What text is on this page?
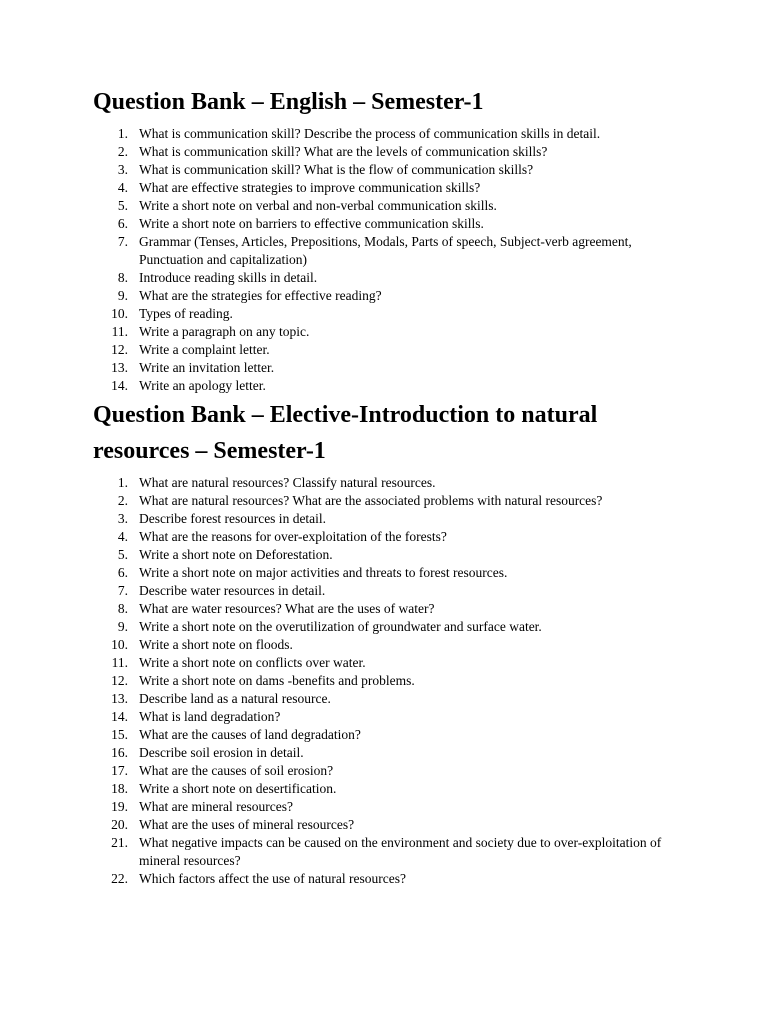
Question Bank – English – Semester-1
1. What is communication skill? Describe the process of communication skills in detail.
2. What is communication skill? What are the levels of communication skills?
3. What is communication skill? What is the flow of communication skills?
4. What are effective strategies to improve communication skills?
5. Write a short note on verbal and non-verbal communication skills.
6. Write a short note on barriers to effective communication skills.
7. Grammar (Tenses, Articles, Prepositions, Modals, Parts of speech, Subject-verb agreement, Punctuation and capitalization)
8. Introduce reading skills in detail.
9. What are the strategies for effective reading?
10. Types of reading.
11. Write a paragraph on any topic.
12. Write a complaint letter.
13. Write an invitation letter.
14. Write an apology letter.
Question Bank – Elective-Introduction to natural resources – Semester-1
1. What are natural resources? Classify natural resources.
2. What are natural resources? What are the associated problems with natural resources?
3. Describe forest resources in detail.
4. What are the reasons for over-exploitation of the forests?
5. Write a short note on Deforestation.
6. Write a short note on major activities and threats to forest resources.
7. Describe water resources in detail.
8. What are water resources? What are the uses of water?
9. Write a short note on the overutilization of groundwater and surface water.
10. Write a short note on floods.
11. Write a short note on conflicts over water.
12. Write a short note on dams -benefits and problems.
13. Describe land as a natural resource.
14. What is land degradation?
15. What are the causes of land degradation?
16. Describe soil erosion in detail.
17. What are the causes of soil erosion?
18. Write a short note on desertification.
19. What are mineral resources?
20. What are the uses of mineral resources?
21. What negative impacts can be caused on the environment and society due to over-exploitation of mineral resources?
22. Which factors affect the use of natural resources?
